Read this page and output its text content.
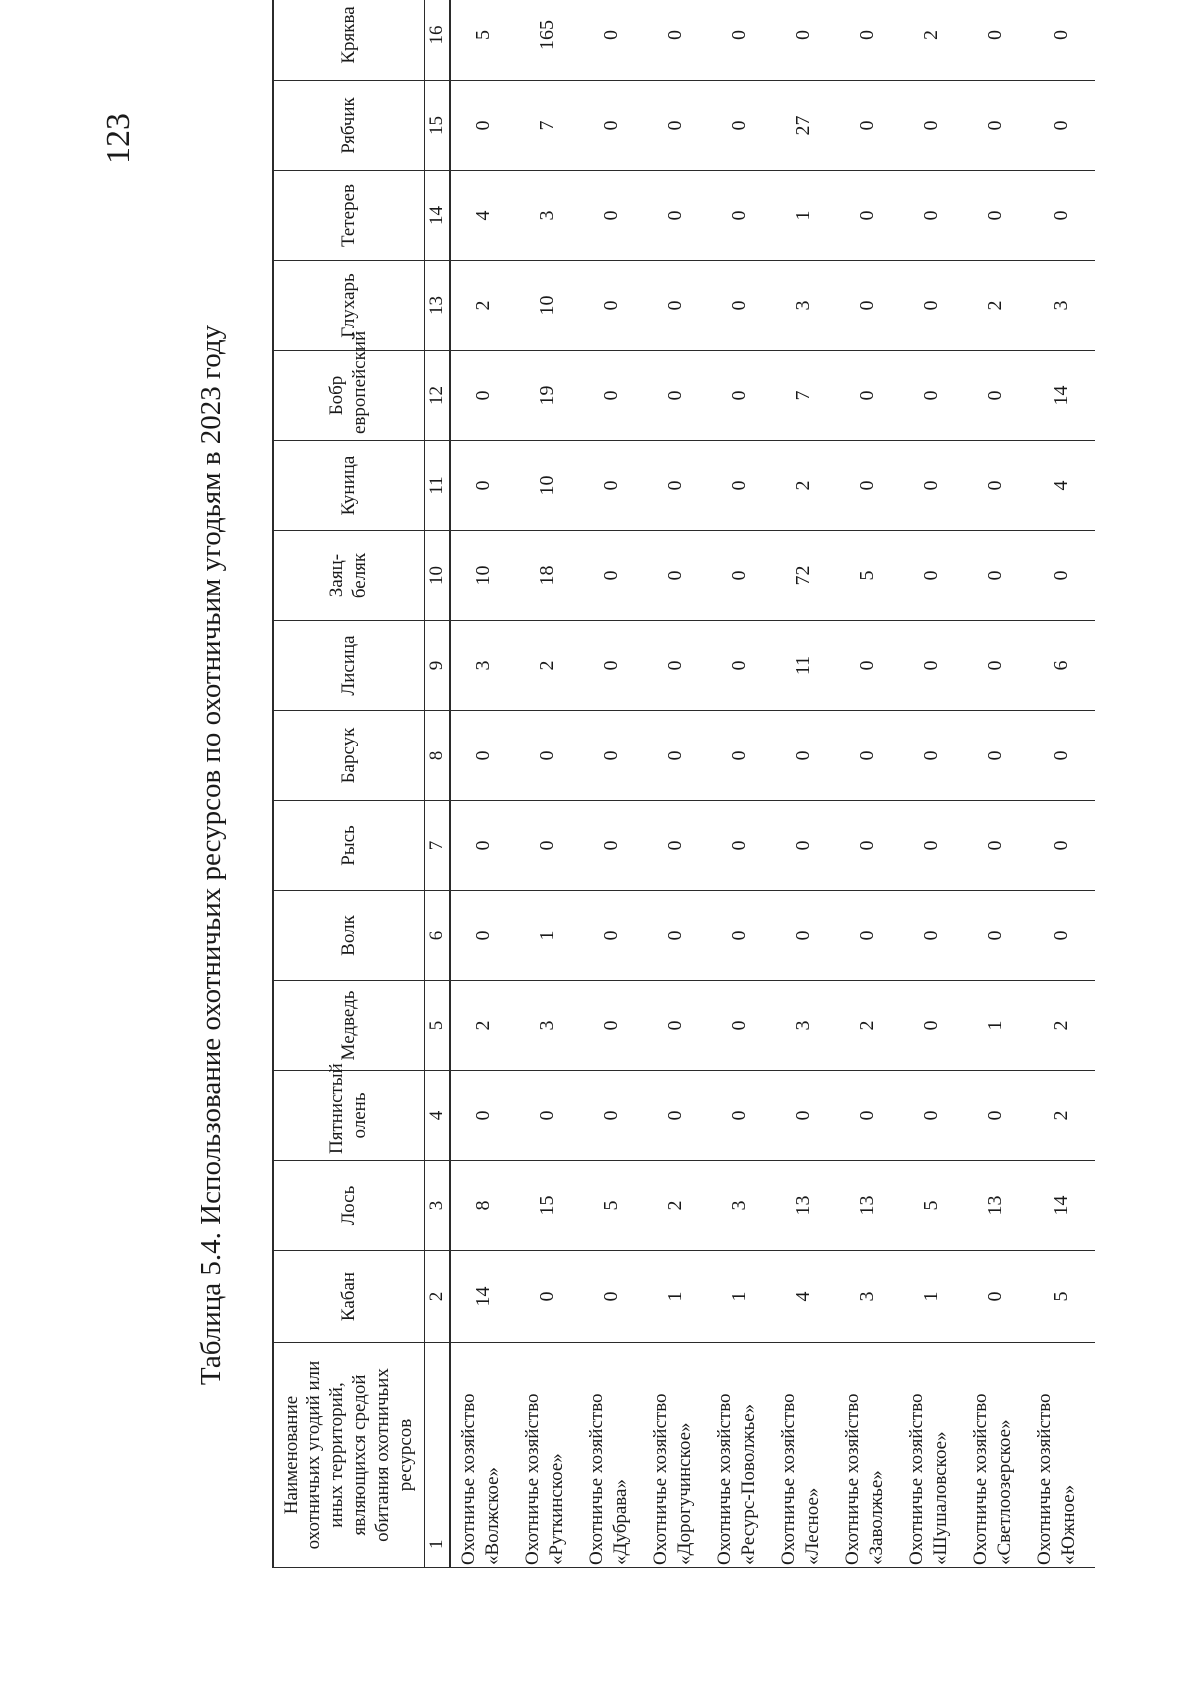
123
Таблица 5.4. Использование охотничьих ресурсов по охотничьим угодьям в 2023 году
Наименование охотничьих угодий или иных территорий, являющихся средой обитания охотничьих ресурсов	Кабан	Лось	Пятнистый олень	Медведь	Волк	Рысь	Барсук	Лисица	Заяц-беляк	Куница	Бобр европейский	Глухарь	Тетерев	Рябчик	Кряква
1	2	3	4	5	6	7	8	9	10	11	12	13	14	15	16
Охотничье хозяйство «Волжское»	14	8	0	2	0	0	0	3	10	0	0	2	4	0	5
Охотничье хозяйство «Руткинское»	0	15	0	3	1	0	0	2	18	10	19	10	3	7	165
Охотничье хозяйство «Дубрава»	0	5	0	0	0	0	0	0	0	0	0	0	0	0	0
Охотничье хозяйство «Дорогучинское»	1	2	0	0	0	0	0	0	0	0	0	0	0	0	0
Охотничье хозяйство «Ресурс-Поволжье»	1	3	0	0	0	0	0	0	0	0	0	0	0	0	0
Охотничье хозяйство «Лесное»	4	13	0	3	0	0	0	11	72	2	7	3	1	27	0
Охотничье хозяйство «Заволжье»	3	13	0	2	0	0	0	0	5	0	0	0	0	0	0
Охотничье хозяйство «Шушаловское»	1	5	0	0	0	0	0	0	0	0	0	0	0	0	2
Охотничье хозяйство «Светлоозерское»	0	13	0	1	0	0	0	0	0	0	0	2	0	0	0
Охотничье хозяйство «Южное»	5	14	2	2	0	0	0	6	0	4	14	3	0	0	0
